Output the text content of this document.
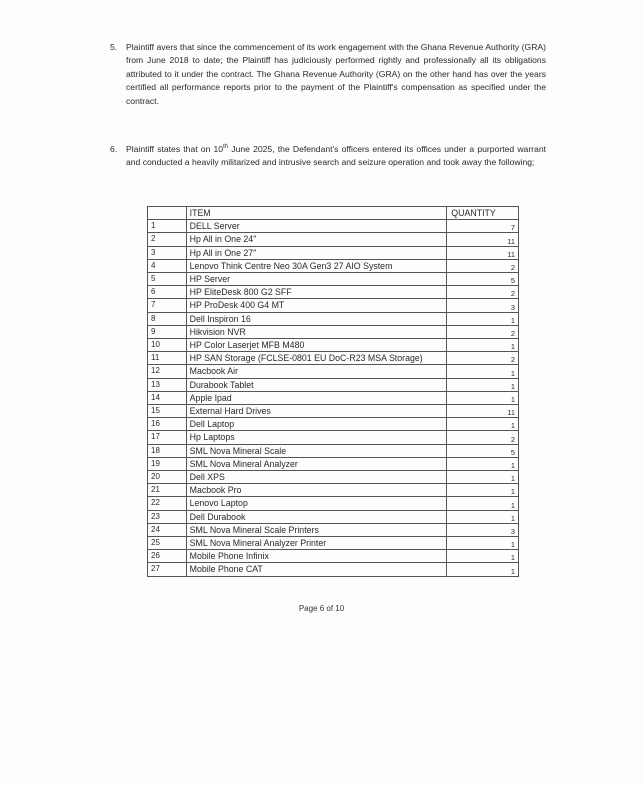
5. Plaintiff avers that since the commencement of its work engagement with the Ghana Revenue Authority (GRA) from June 2018 to date; the Plaintiff has judiciously performed rightly and professionally all its obligations attributed to it under the contract. The Ghana Revenue Authority (GRA) on the other hand has over the years certified all performance reports prior to the payment of the Plaintiff's compensation as specified under the contract.

6. Plaintiff states that on 10th June 2025, the Defendant's officers entered its offices under a purported warrant and conducted a heavily militarized and intrusive search and seizure operation and took away the following;

	ITEM	QUANTITY
1	DELL Server	7
2	Hp All in One 24"	11
3	Hp All in One 27"	11
4	Lenovo Think Centre Neo 30A Gen3 27 AIO System	2
5	HP Server	5
6	HP EliteDesk 800 G2 SFF	2
7	HP ProDesk 400 G4 MT	3
8	Dell Inspiron 16	1
9	Hikvision NVR	2
10	HP Color Laserjet MFB M480	1
11	HP SAN Storage (FCLSE-0801 EU DoC-R23 MSA Storage)	2
12	Macbook Air	1
13	Durabook Tablet	1
14	Apple Ipad	1
15	External Hard Drives	11
16	Dell Laptop	1
17	Hp Laptops	2
18	SML Nova Mineral Scale	5
19	SML Nova Mineral Analyzer	1
20	Dell XPS	1
21	Macbook Pro	1
22	Lenovo Laptop	1
23	Dell Durabook	1
24	SML Nova Mineral Scale Printers	3
25	SML Nova Mineral Analyzer Printer	1
26	Mobile Phone Infinix	1
27	Mobile Phone CAT	1
Page 6 of 10
